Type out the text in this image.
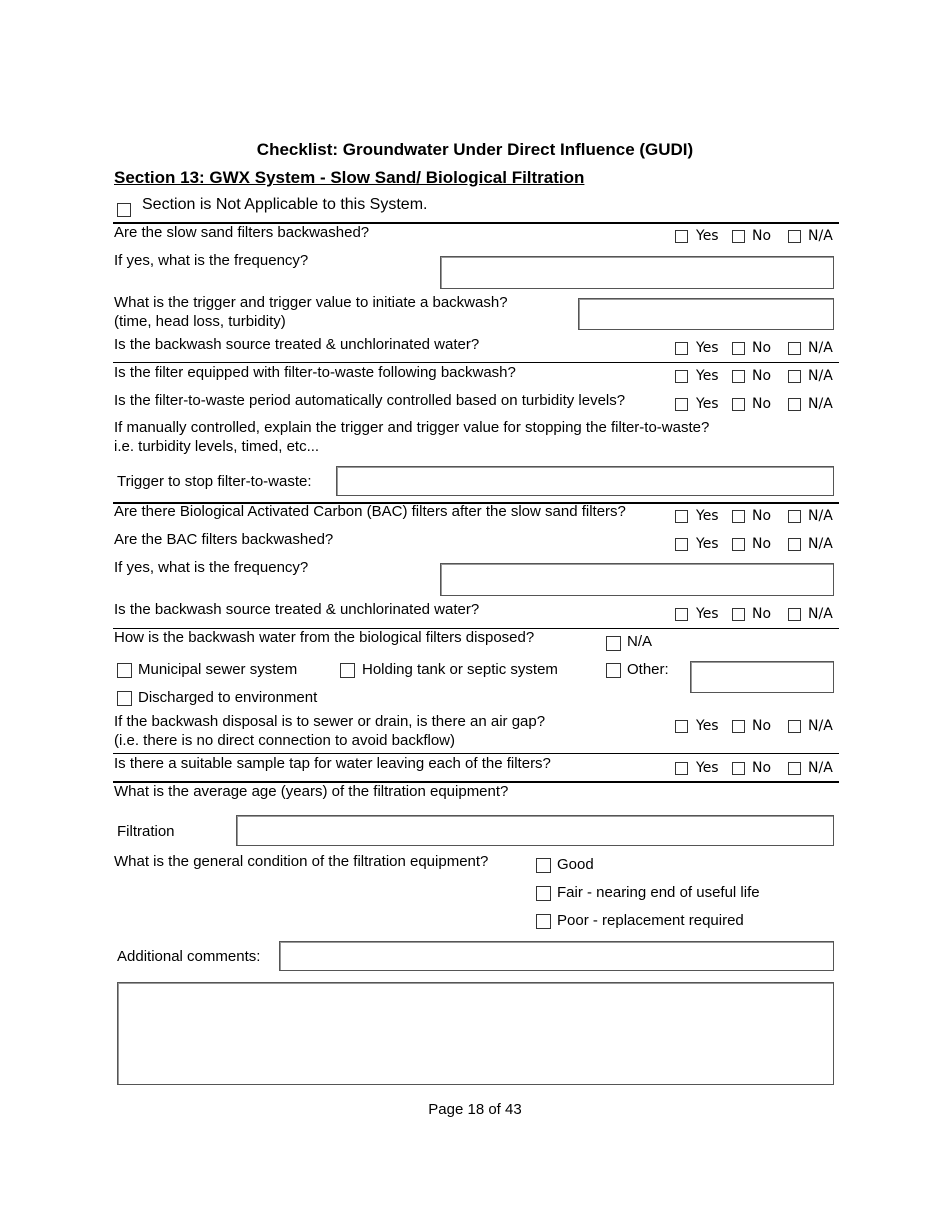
Checklist: Groundwater Under Direct Influence (GUDI)
Section 13: GWX System - Slow Sand/ Biological Filtration
Section is Not Applicable to this System.
Are the slow sand filters backwashed?	Yes No	N/A
If yes, what is the frequency?
What is the trigger and trigger value to initiate a backwash?
(time, head loss, turbidity)
Is the backwash source treated & unchlorinated water?	Yes No	N/A
Is the filter equipped with filter-to-waste following backwash?	Yes No	N/A
Is the filter-to-waste period automatically controlled based on turbidity levels?	Yes No	N/A
If manually controlled, explain the trigger and trigger value for stopping the filter-to-waste?
i.e. turbidity levels, timed, etc...
Trigger to stop filter-to-waste:
Are there Biological Activated Carbon (BAC) filters after the slow sand filters?	Yes No	N/A
Are the BAC filters backwashed?	Yes No	N/A
If yes, what is the frequency?
Is the backwash source treated & unchlorinated water?	Yes No	N/A
How is the backwash water from the biological filters disposed?	N/A
Municipal sewer system	Holding tank or septic system	Other:
Discharged to environment
If the backwash disposal is to sewer or drain, is there an air gap?
(i.e. there is no direct connection to avoid backflow)
Yes No	N/A
Is there a suitable sample tap for water leaving each of the filters?	Yes No	N/A
What is the average age (years) of the filtration equipment?
Filtration
What is the general condition of the filtration equipment?	Good
Fair - nearing end of useful life
Poor - replacement required
Additional comments:
Page 18 of 43
